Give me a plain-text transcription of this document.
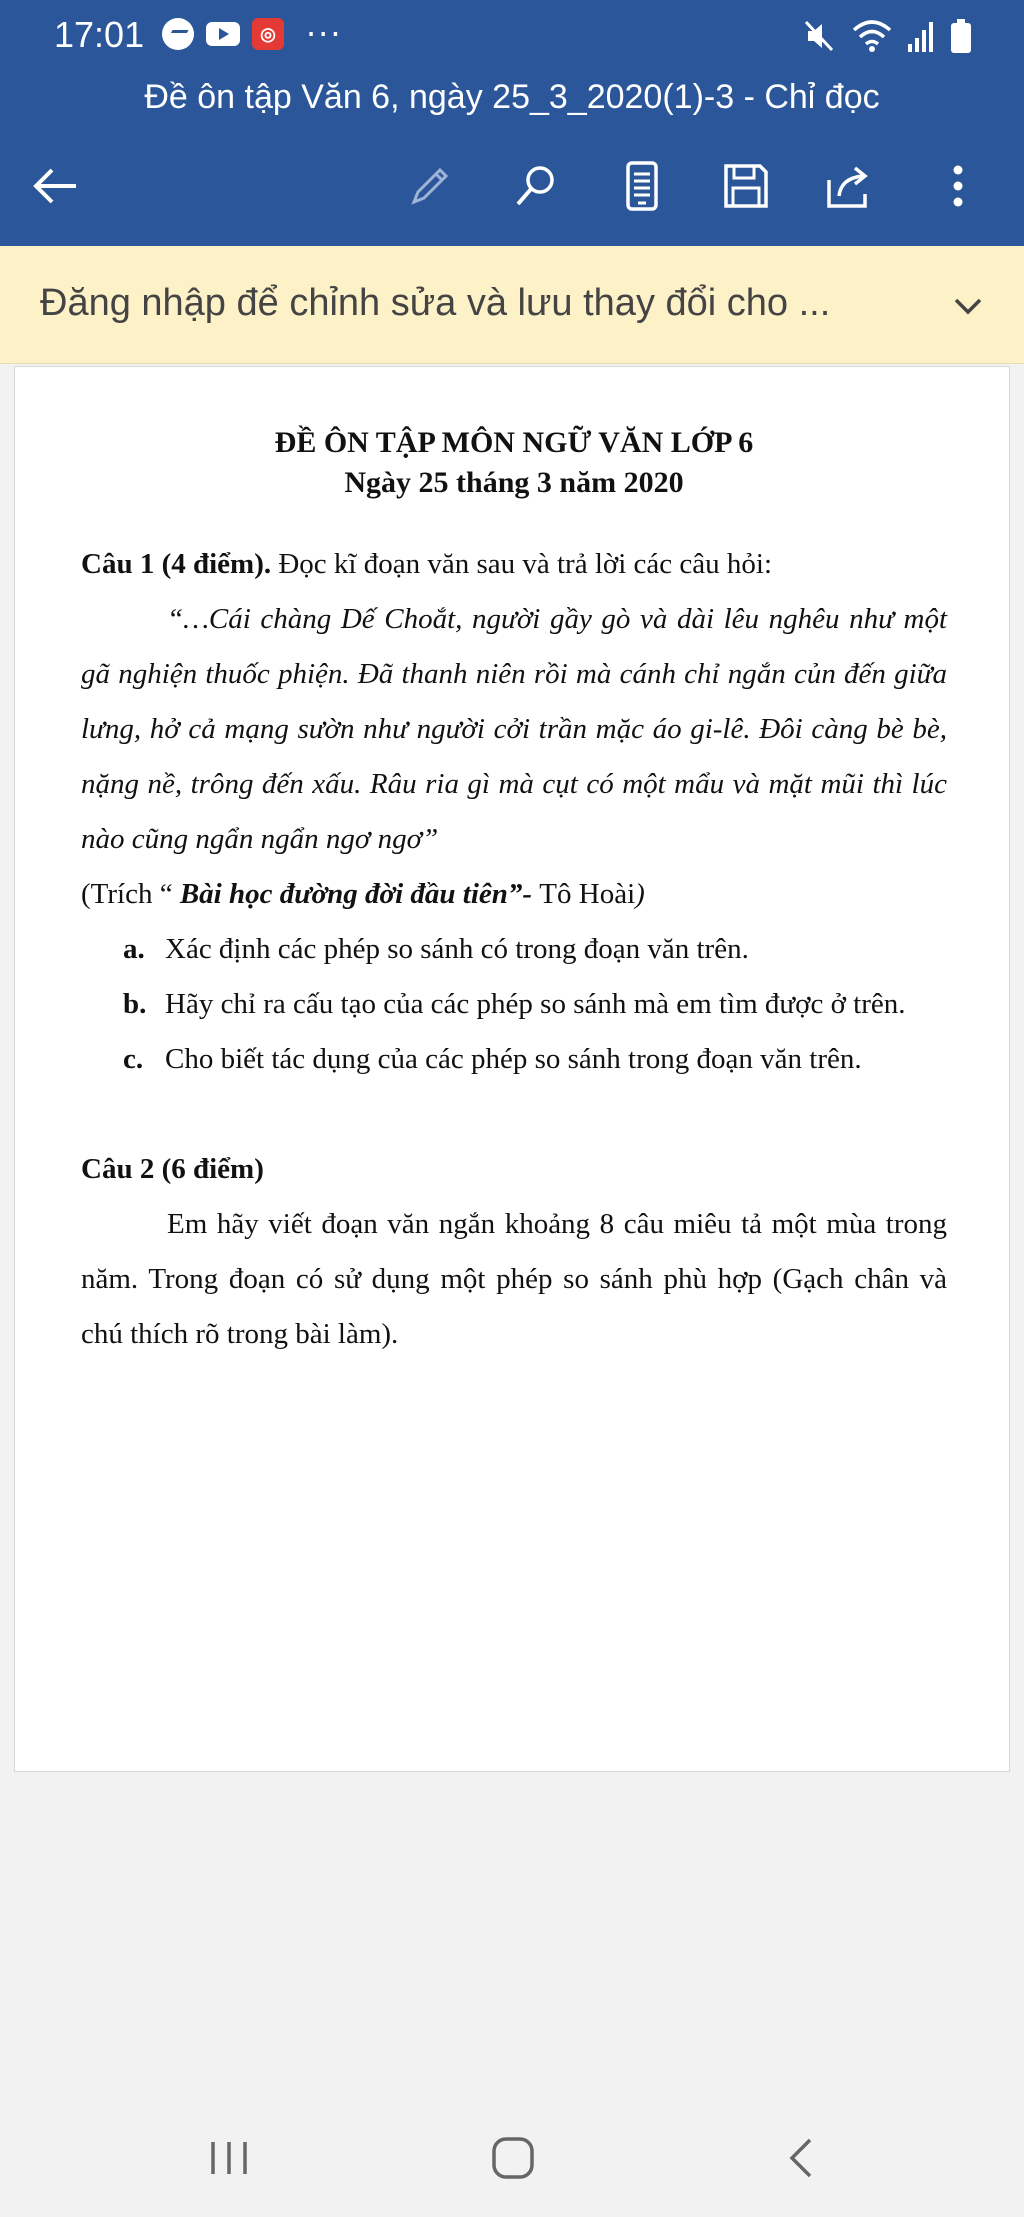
17:01	◎ ···
Đề ôn tập Văn 6, ngày 25_3_2020(1)-3 - Chỉ đọc
Đăng nhập để chỉnh sửa và lưu thay đổi cho ...
ĐỀ ÔN TẬP MÔN NGỮ VĂN LỚP 6
Ngày 25 tháng 3 năm 2020

Câu 1 (4 điểm). Đọc kĩ đoạn văn sau và trả lời các câu hỏi:

“…Cái chàng Dế Choắt, người gầy gò và dài lêu nghêu như một gã nghiện thuốc phiện. Đã thanh niên rồi mà cánh chỉ ngắn củn đến giữa lưng, hở cả mạng sườn như người cởi trần mặc áo gi-lê. Đôi càng bè bè, nặng nề, trông đến xấu. Râu ria gì mà cụt có một mẩu và mặt mũi thì lúc nào cũng ngẩn ngẩn ngơ ngơ”

(Trích “ Bài học đường đời đầu tiên”- Tô Hoài)

a. Xác định các phép so sánh có trong đoạn văn trên.
b. Hãy chỉ ra cấu tạo của các phép so sánh mà em tìm được ở trên.
c. Cho biết tác dụng của các phép so sánh trong đoạn văn trên.

Câu 2 (6 điểm)

Em hãy viết đoạn văn ngắn khoảng 8 câu miêu tả một mùa trong năm. Trong đoạn có sử dụng một phép so sánh phù hợp (Gạch chân và chú thích rõ trong bài làm).
